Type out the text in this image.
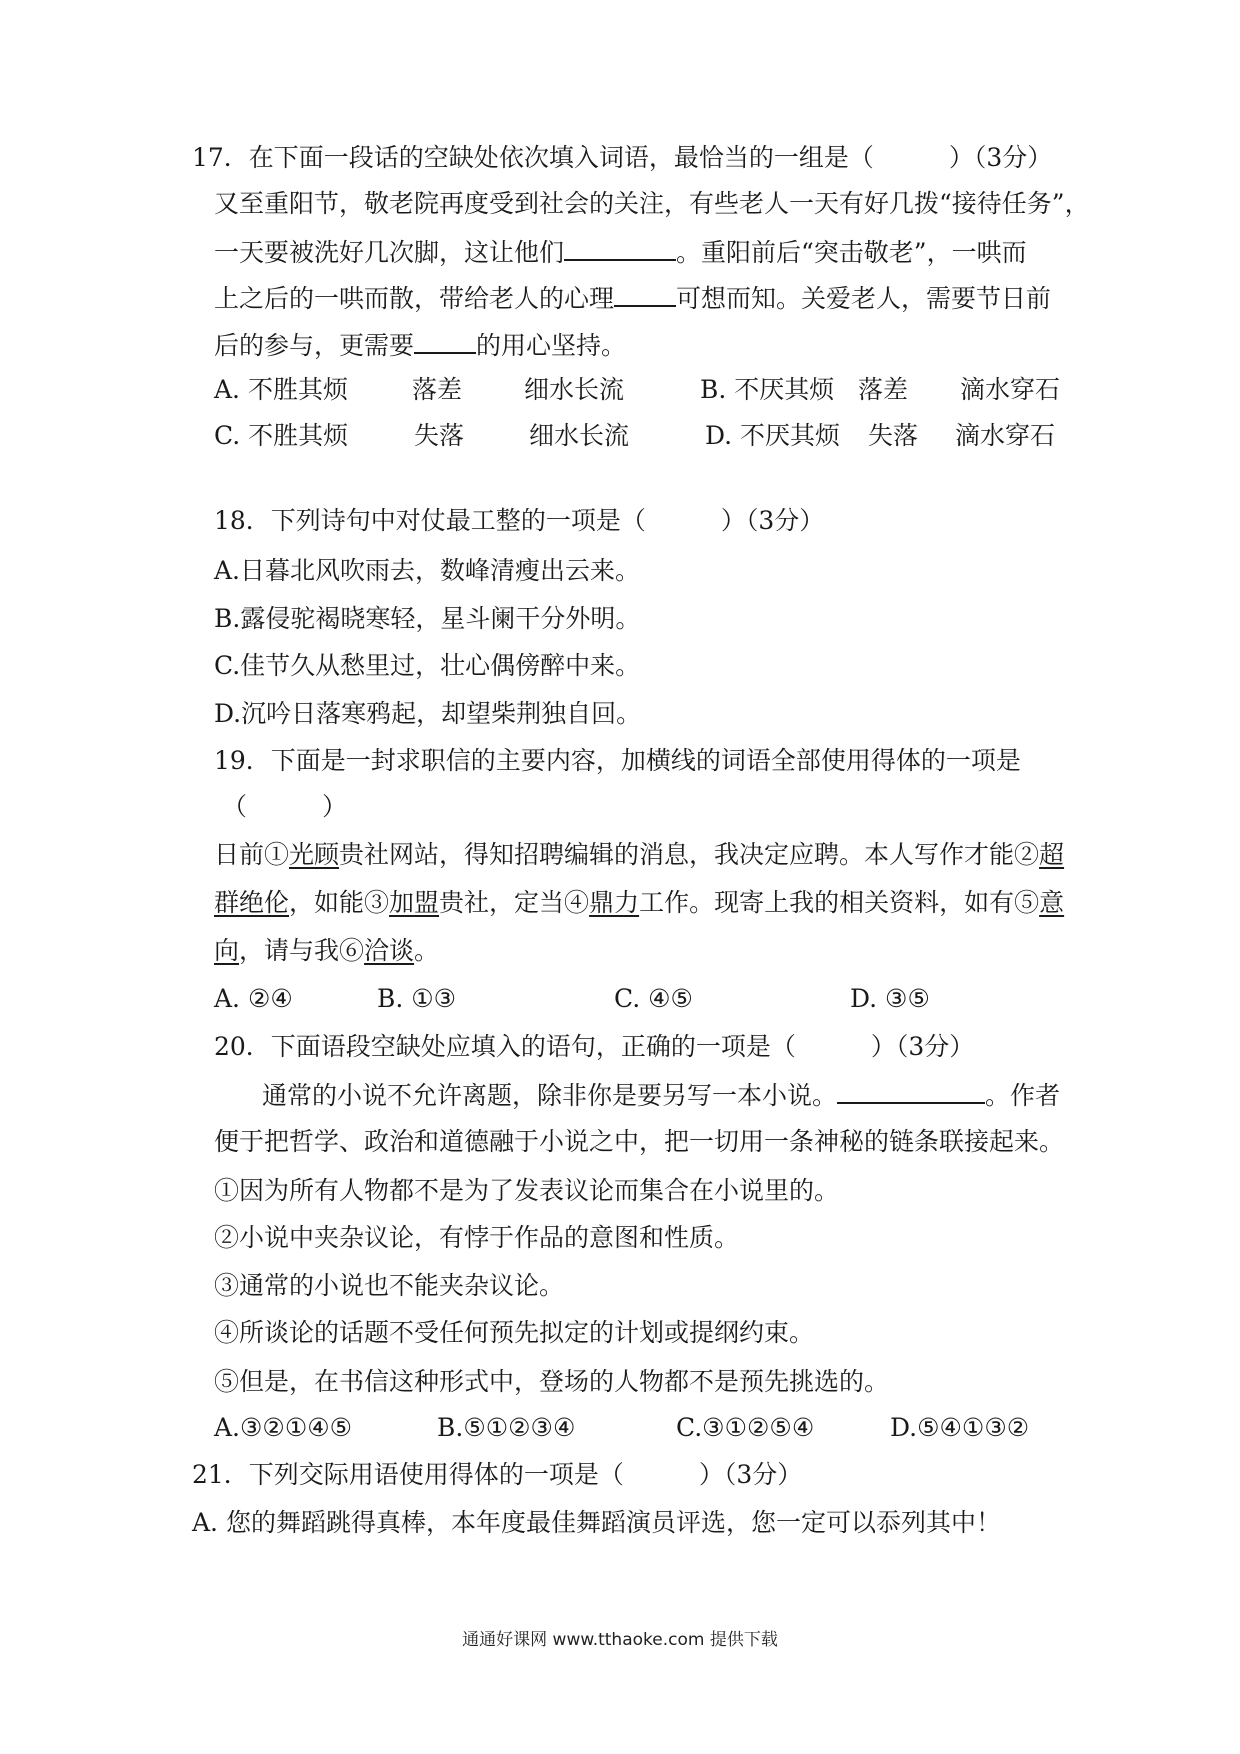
17．在下面一段话的空缺处依次填入词语，最恰当的一组是（　　　）（3分）
又至重阳节，敬老院再度受到社会的关注，有些老人一天有好几拨“接待任务”，
一天要被洗好几次脚，这让他们	。重阳前后“突击敬老”，一哄而
上之后的一哄而散，带给老人的心理 可想而知。关爱老人，需要节日前
后的参与，更需要 的用心坚持。
A. 不胜其烦	落差 细水长流	B. 不厌其烦 落差 滴水穿石
C. 不胜其烦	失落	细水长流	D. 不厌其烦 失落 滴水穿石
18．下列诗句中对仗最工整的一项是（　　　）（3分）
A.日暮北风吹雨去，数峰清瘦出云来。
B.露侵驼褐晓寒轻，星斗阑干分外明。
C.佳节久从愁里过，壮心偶傍醉中来。
D.沉吟日落寒鸦起，却望柴荆独自回。
19．下面是一封求职信的主要内容，加横线的词语全部使用得体的一项是
（　　　）
日前①光顾贵社网站，得知招聘编辑的消息，我决定应聘。本人写作才能②超
群绝伦，如能③加盟贵社，定当④鼎力工作。现寄上我的相关资料，如有⑤意
向，请与我⑥洽谈。
A. ②④	B. ①③	C. ④⑤	D. ③⑤
20．下面语段空缺处应填入的语句，正确的一项是（　　　）（3分）
通常的小说不允许离题，除非你是要另写一本小说。	。作者
便于把哲学、政治和道德融于小说之中，把一切用一条神秘的链条联接起来。
①因为所有人物都不是为了发表议论而集合在小说里的。
②小说中夹杂议论，有悖于作品的意图和性质。
③通常的小说也不能夹杂议论。
④所谈论的话题不受任何预先拟定的计划或提纲约束。
⑤但是，在书信这种形式中，登场的人物都不是预先挑选的。
A.③②①④⑤	B.⑤①②③④	C.③①②⑤④	D.⑤④①③②
21．下列交际用语使用得体的一项是（　　　）（3分）
A. 您的舞蹈跳得真棒，本年度最佳舞蹈演员评选，您一定可以忝列其中！
通通好课网 www.tthaoke.com 提供下载
